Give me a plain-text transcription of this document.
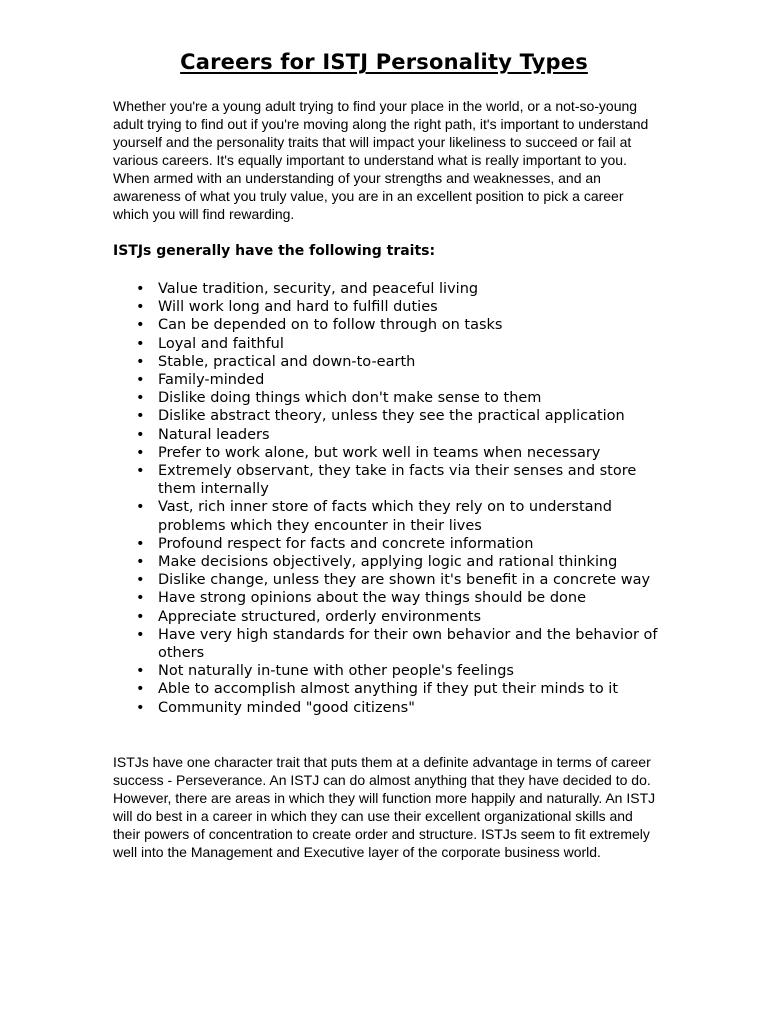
Careers for ISTJ Personality Types

Whether you're a young adult trying to find your place in the world, or a not-so-young adult trying to find out if you're moving along the right path, it's important to understand yourself and the personality traits that will impact your likeliness to succeed or fail at various careers. It's equally important to understand what is really important to you. When armed with an understanding of your strengths and weaknesses, and an awareness of what you truly value, you are in an excellent position to pick a career which you will find rewarding.

ISTJs generally have the following traits:
• Value tradition, security, and peaceful living
• Will work long and hard to fulfill duties
• Can be depended on to follow through on tasks
• Loyal and faithful
• Stable, practical and down-to-earth
• Family-minded
• Dislike doing things which don't make sense to them
• Dislike abstract theory, unless they see the practical application
• Natural leaders
• Prefer to work alone, but work well in teams when necessary
• Extremely observant, they take in facts via their senses and store them internally
• Vast, rich inner store of facts which they rely on to understand problems which they encounter in their lives
• Profound respect for facts and concrete information
• Make decisions objectively, applying logic and rational thinking
• Dislike change, unless they are shown it's benefit in a concrete way
• Have strong opinions about the way things should be done
• Appreciate structured, orderly environments
• Have very high standards for their own behavior and the behavior of others
• Not naturally in-tune with other people's feelings
• Able to accomplish almost anything if they put their minds to it
• Community minded "good citizens"

ISTJs have one character trait that puts them at a definite advantage in terms of career success - Perseverance. An ISTJ can do almost anything that they have decided to do. However, there are areas in which they will function more happily and naturally. An ISTJ will do best in a career in which they can use their excellent organizational skills and their powers of concentration to create order and structure. ISTJs seem to fit extremely well into the Management and Executive layer of the corporate business world.
